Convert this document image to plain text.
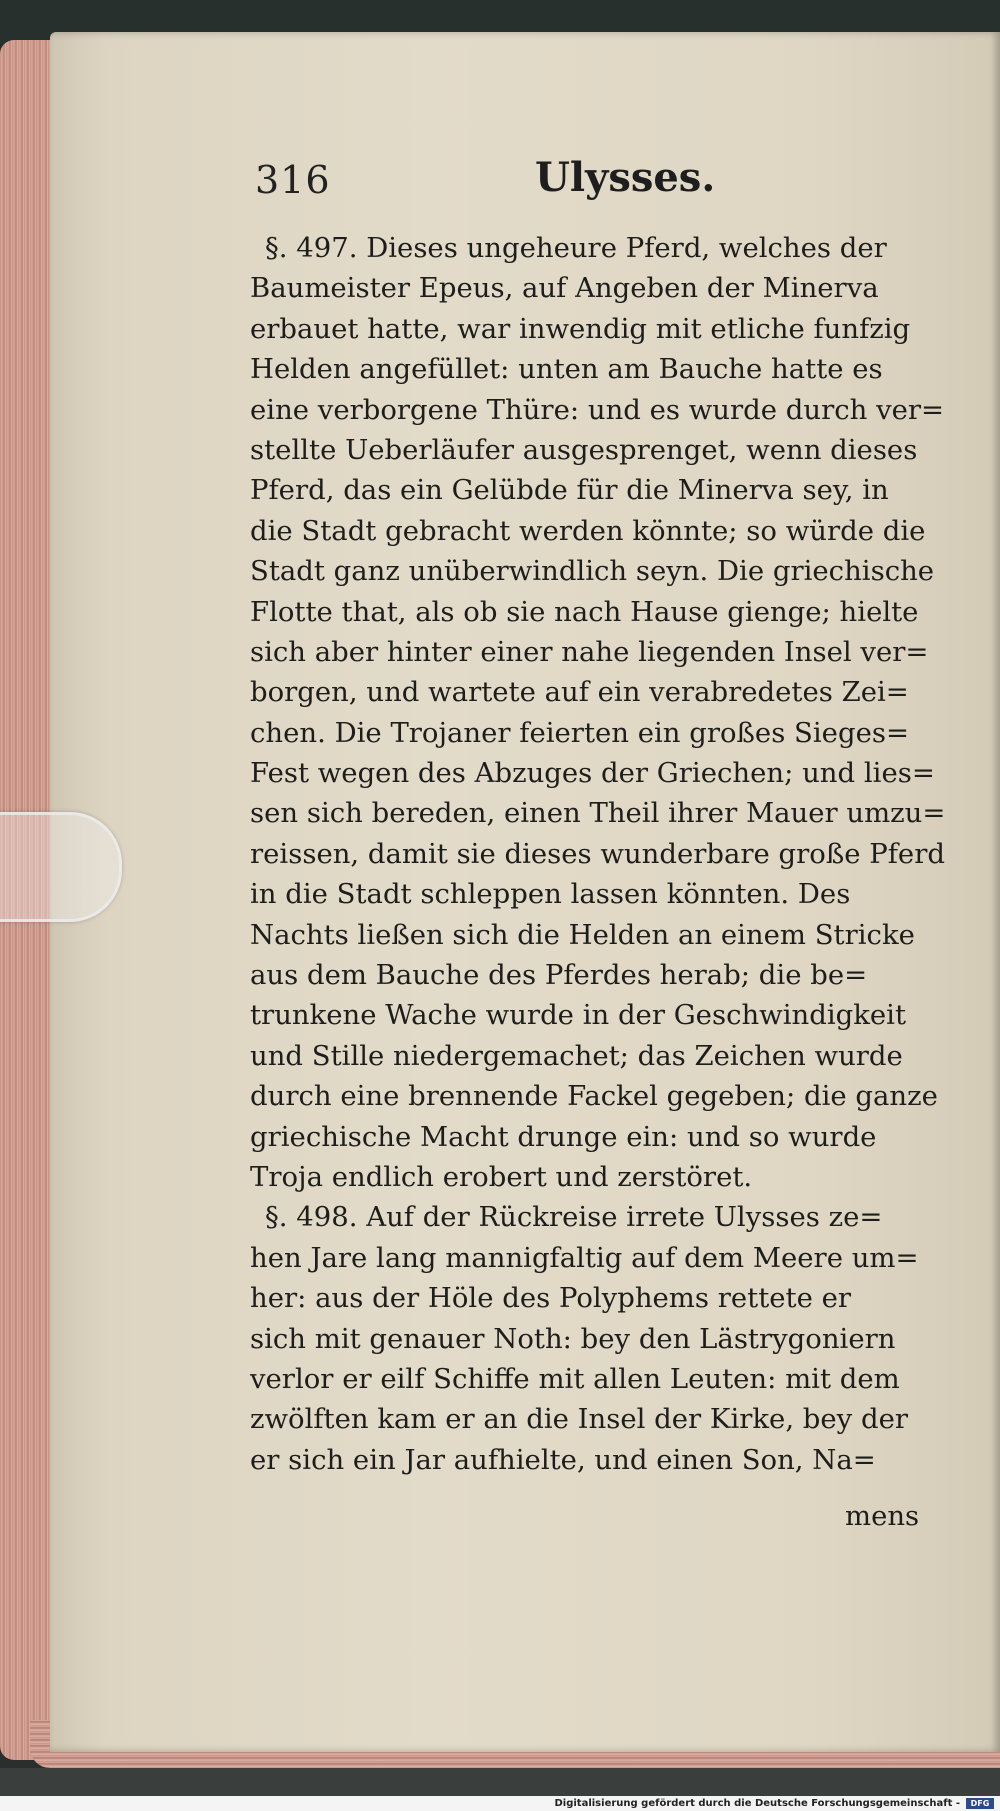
316	Ulysses.
§. 497. Dieses ungeheure Pferd, welches der
Baumeister Epeus, auf Angeben der Minerva
erbauet hatte, war inwendig mit etliche funfzig
Helden angefüllet: unten am Bauche hatte es
eine verborgene Thüre: und es wurde durch ver=
stellte Ueberläufer ausgesprenget, wenn dieses
Pferd, das ein Gelübde für die Minerva sey, in
die Stadt gebracht werden könnte; so würde die
Stadt ganz unüberwindlich seyn. Die griechische
Flotte that, als ob sie nach Hause gienge; hielte
sich aber hinter einer nahe liegenden Insel ver=
borgen, und wartete auf ein verabredetes Zei=
chen. Die Trojaner feierten ein großes Sieges=
Fest wegen des Abzuges der Griechen; und lies=
sen sich bereden, einen Theil ihrer Mauer umzu=
reissen, damit sie dieses wunderbare große Pferd
in die Stadt schleppen lassen könnten. Des
Nachts ließen sich die Helden an einem Stricke
aus dem Bauche des Pferdes herab; die be=
trunkene Wache wurde in der Geschwindigkeit
und Stille niedergemachet; das Zeichen wurde
durch eine brennende Fackel gegeben; die ganze
griechische Macht drunge ein: und so wurde
Troja endlich erobert und zerstöret.
§. 498. Auf der Rückreise irrete Ulysses ze=
hen Jare lang mannigfaltig auf dem Meere um=
her: aus der Höle des Polyphems rettete er
sich mit genauer Noth: bey den Lästrygoniern
verlor er eilf Schiffe mit allen Leuten: mit dem
zwölften kam er an die Insel der Kirke, bey der
er sich ein Jar aufhielte, und einen Son, Na=
mens
Digitalisierung gefördert durch die Deutsche Forschungsgemeinschaft -	DFG
